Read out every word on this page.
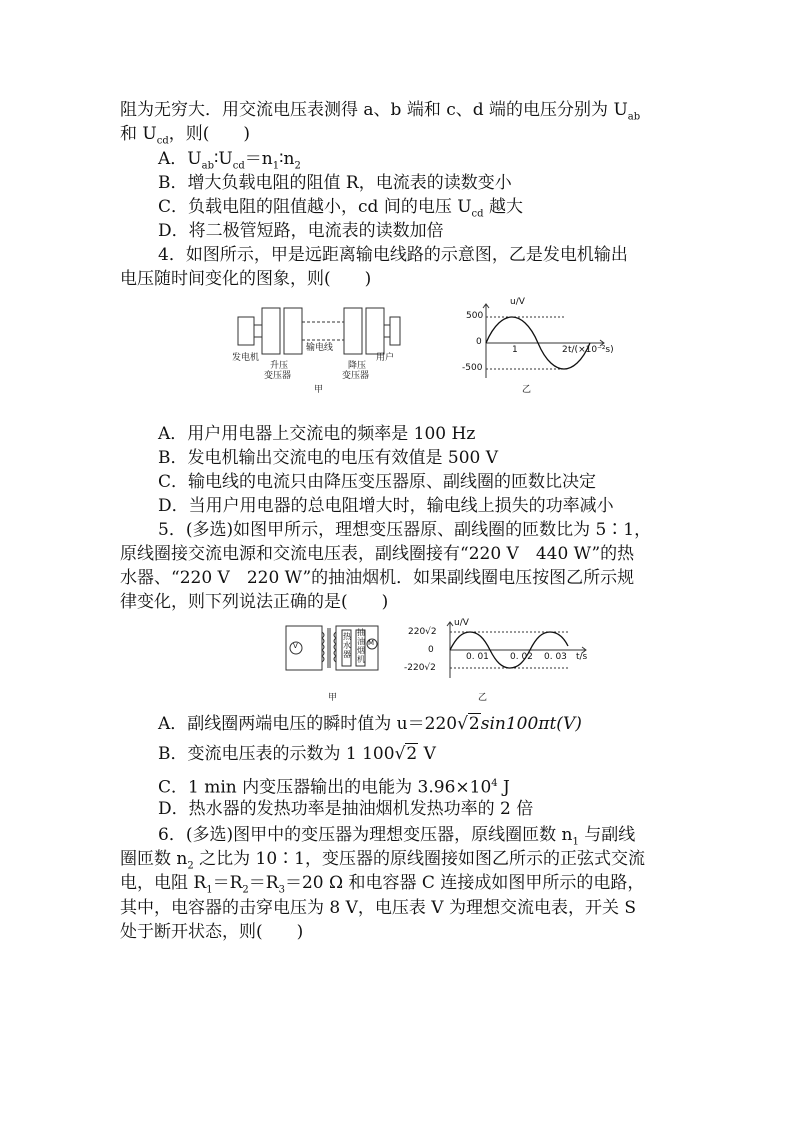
阻为无穷大．用交流电压表测得 a、b 端和 c、d 端的电压分别为 $U_{ab}$
和 $U_{cd}$，则(　　)
A．$U_{ab}∶U_{cd}=n_1∶n_2$
B．增大负载电阻的阻值 R，电流表的读数变小
C．负载电阻的阻值越小，cd 间的电压 $U_{cd}$ 越大
D．将二极管短路，电流表的读数加倍
4．如图所示，甲是远距离输电线路的示意图，乙是发电机输出
电压随时间变化的图象，则(　　)
发电机
升压
变压器
输电线
降压
变压器
用户
甲
u/V
500
0
-500
1	2 t/(×10⁻²s)
乙
A．用户用电器上交流电的频率是 100 Hz
B．发电机输出交流电的电压有效值是 500 V
C．输电线的电流只由降压变压器原、副线圈的匝数比决定
D．当用户用电器的总电阻增大时，输电线上损失的功率减小
5．(多选)如图甲所示，理想变压器原、副线圈的匝数比为 5∶1，
原线圈接交流电源和交流电压表，副线圈接有“220 V　440 W”的热
水器、“220 V　220 W”的抽油烟机．如果副线圈电压按图乙所示规
律变化，则下列说法正确的是(　　)
V	M
热水器
抽油烟机
甲
u/V
220√2
0
-220√2
0. 01 0. 02 0. 03 t/s
乙
A．副线圈两端电压的瞬时值为 u＝220√2sin100πt(V)
B．变流电压表的示数为 1 100√2 V
C．1 min 内变压器输出的电能为 $3.96\times 10^4$ J
D．热水器的发热功率是抽油烟机发热功率的 2 倍
6．(多选)图甲中的变压器为理想变压器，原线圈匝数 $n_1$ 与副线
圈匝数 $n_2$ 之比为 10∶1，变压器的原线圈接如图乙所示的正弦式交流
电，电阻 $R_1=R_2=R_3=20$ Ω 和电容器 C 连接成如图甲所示的电路，
其中，电容器的击穿电压为 8 V，电压表 V 为理想交流电表，开关 S
处于断开状态，则(　　)
